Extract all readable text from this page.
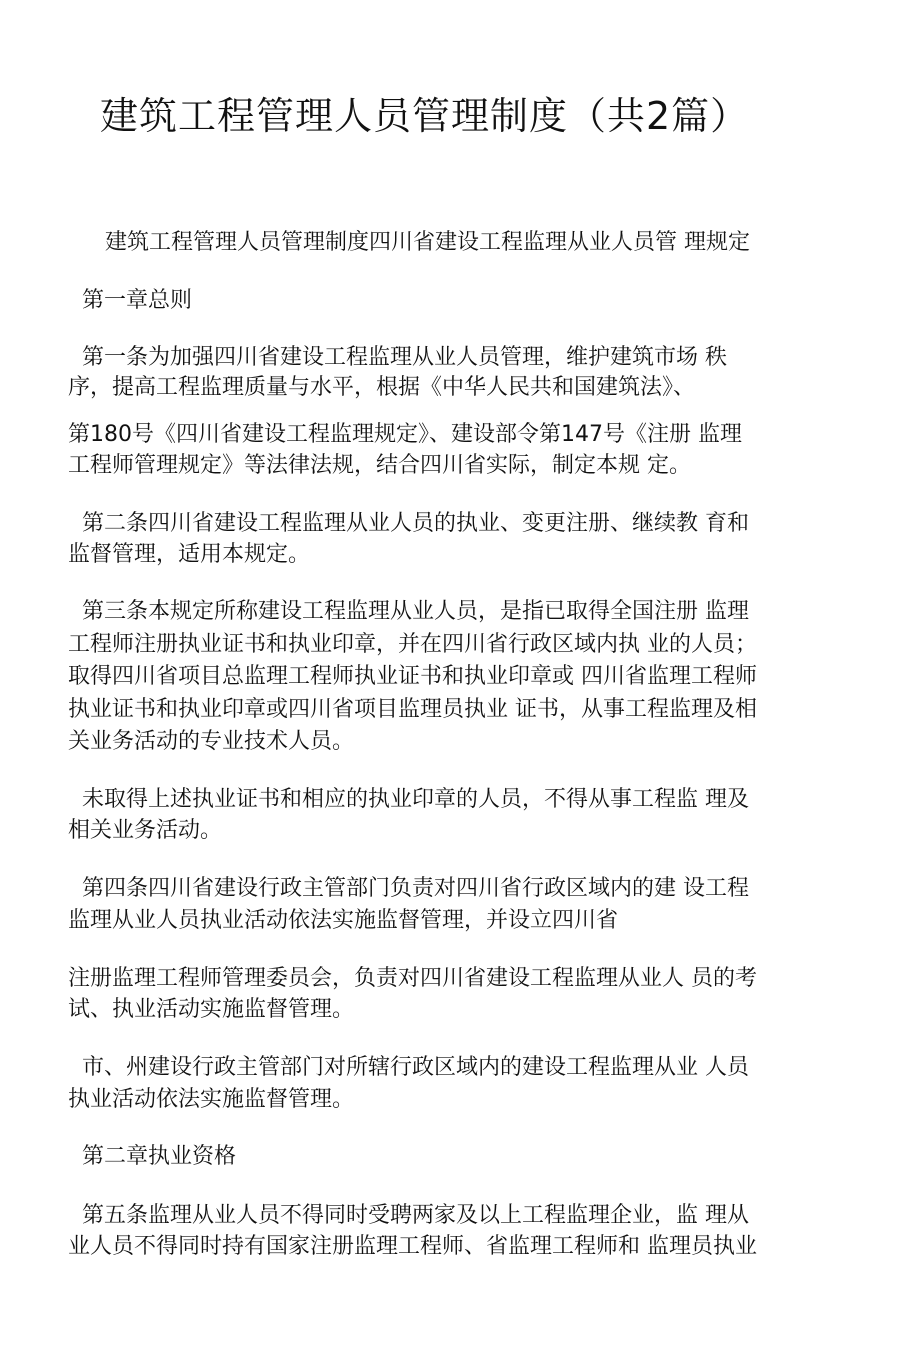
建筑工程管理人员管理制度（共2篇）

建筑工程管理人员管理制度四川省建设工程监理从业人员管 理规定

第一章总则

第一条为加强四川省建设工程监理从业人员管理，维护建筑市场 秩

序，提高工程监理质量与水平，根据《中华人民共和国建筑法》、

第180号《四川省建设工程监理规定》、建设部令第147号《注册 监理

工程师管理规定》等法律法规，结合四川省实际，制定本规 定。

第二条四川省建设工程监理从业人员的执业、变更注册、继续教 育和

监督管理，适用本规定。

第三条本规定所称建设工程监理从业人员，是指已取得全国注册 监理

工程师注册执业证书和执业印章，并在四川省行政区域内执 业的人员；

取得四川省项目总监理工程师执业证书和执业印章或 四川省监理工程师

执业证书和执业印章或四川省项目监理员执业 证书，从事工程监理及相

关业务活动的专业技术人员。

未取得上述执业证书和相应的执业印章的人员，不得从事工程监 理及

相关业务活动。

第四条四川省建设行政主管部门负责对四川省行政区域内的建 设工程

监理从业人员执业活动依法实施监督管理，并设立四川省

注册监理工程师管理委员会，负责对四川省建设工程监理从业人 员的考

试、执业活动实施监督管理。

市、州建设行政主管部门对所辖行政区域内的建设工程监理从业 人员

执业活动依法实施监督管理。

第二章执业资格

第五条监理从业人员不得同时受聘两家及以上工程监理企业，监 理从

业人员不得同时持有国家注册监理工程师、省监理工程师和 监理员执业
